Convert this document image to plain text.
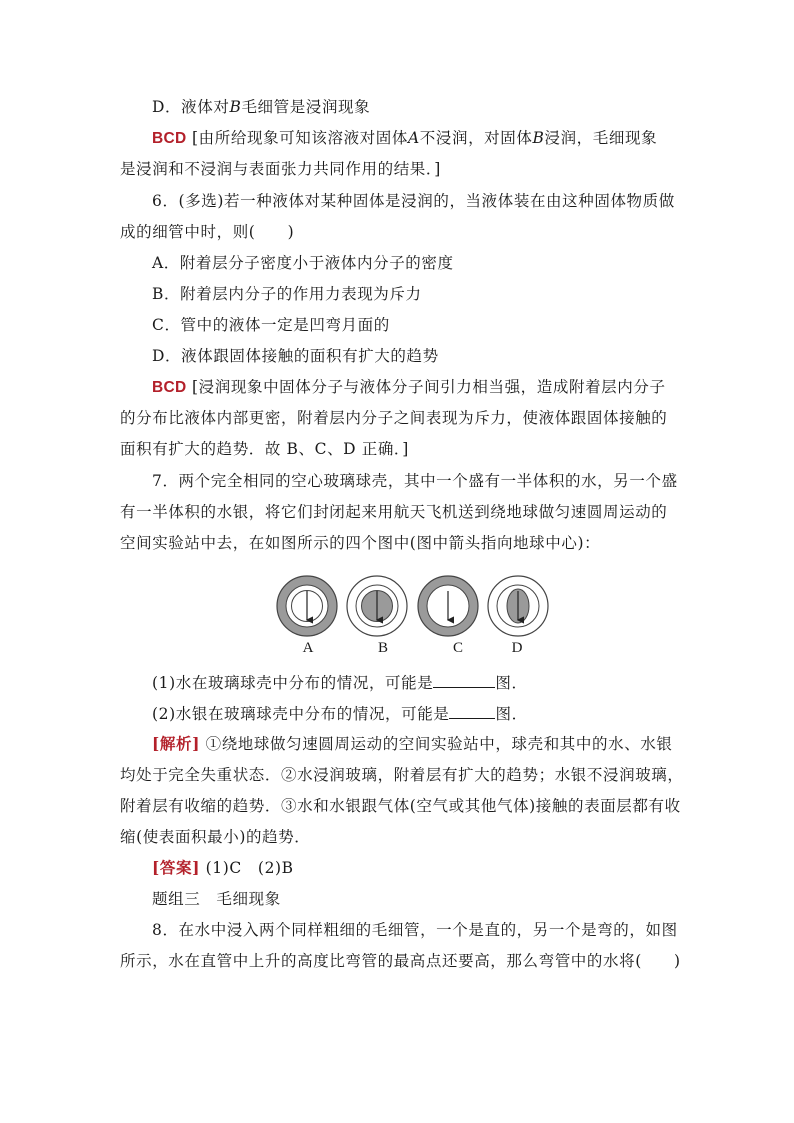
D．液体对B毛细管是浸润现象
BCD [由所给现象可知该溶液对固体A不浸润，对固体B浸润，毛细现象
是浸润和不浸润与表面张力共同作用的结果．]
6．(多选)若一种液体对某种固体是浸润的，当液体装在由这种固体物质做
成的细管中时，则(　　)
A．附着层分子密度小于液体内分子的密度
B．附着层内分子的作用力表现为斥力
C．管中的液体一定是凹弯月面的
D．液体跟固体接触的面积有扩大的趋势
BCD [浸润现象中固体分子与液体分子间引力相当强，造成附着层内分子
的分布比液体内部更密，附着层内分子之间表现为斥力，使液体跟固体接触的
面积有扩大的趋势．故 B、C、D 正确．]
7．两个完全相同的空心玻璃球壳，其中一个盛有一半体积的水，另一个盛
有一半体积的水银，将它们封闭起来用航天飞机送到绕地球做匀速圆周运动的
空间实验站中去，在如图所示的四个图中(图中箭头指向地球中心)：
A	B	C	D
(1)水在玻璃球壳中分布的情况，可能是	图．
(2)水银在玻璃球壳中分布的情况，可能是	图．
[解析] ①绕地球做匀速圆周运动的空间实验站中，球壳和其中的水、水银
均处于完全失重状态．②水浸润玻璃，附着层有扩大的趋势；水银不浸润玻璃，
附着层有收缩的趋势．③水和水银跟气体(空气或其他气体)接触的表面层都有收
缩(使表面积最小)的趋势．
[答案] (1)C　(2)B
题组三　毛细现象
8．在水中浸入两个同样粗细的毛细管，一个是直的，另一个是弯的，如图
所示，水在直管中上升的高度比弯管的最高点还要高，那么弯管中的水将(　　)
